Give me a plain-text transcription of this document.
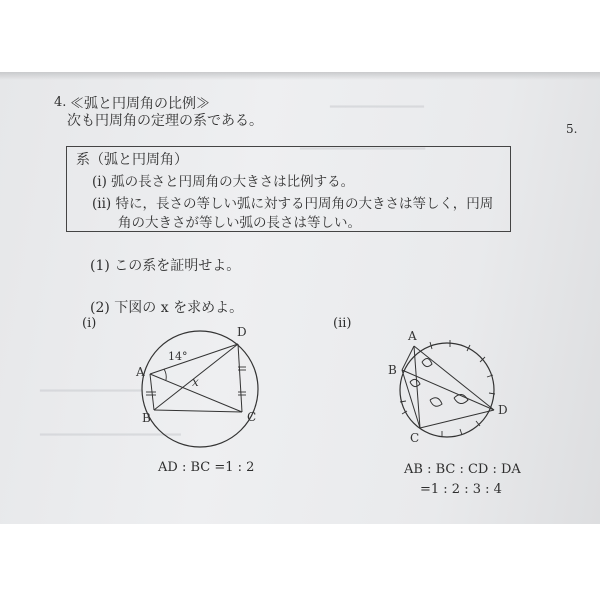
━━━━━━━━━━━━
━━━━━━━━━━━━━━━━
━━━━━━━━━━━━━
━━━━━━━━━━━━━━━━━━
5.
4. ≪弧と円周角の比例≫
次も円周角の定理の系である。
系（弧と円周角）
(i) 弧の長さと円周角の大きさは比例する。
(ii) 特に，長さの等しい弧に対する円周角の大きさは等しく，円周
角の大きさが等しい弧の長さは等しい。
(1) この系を証明せよ。
(2) 下図の x を求めよ。
(i)	(ii)
14°
x
D
A
B	C
AD : BC =1 : 2
A
B
C
D
AB : BC : CD : DA
=1 : 2 : 3 : 4
